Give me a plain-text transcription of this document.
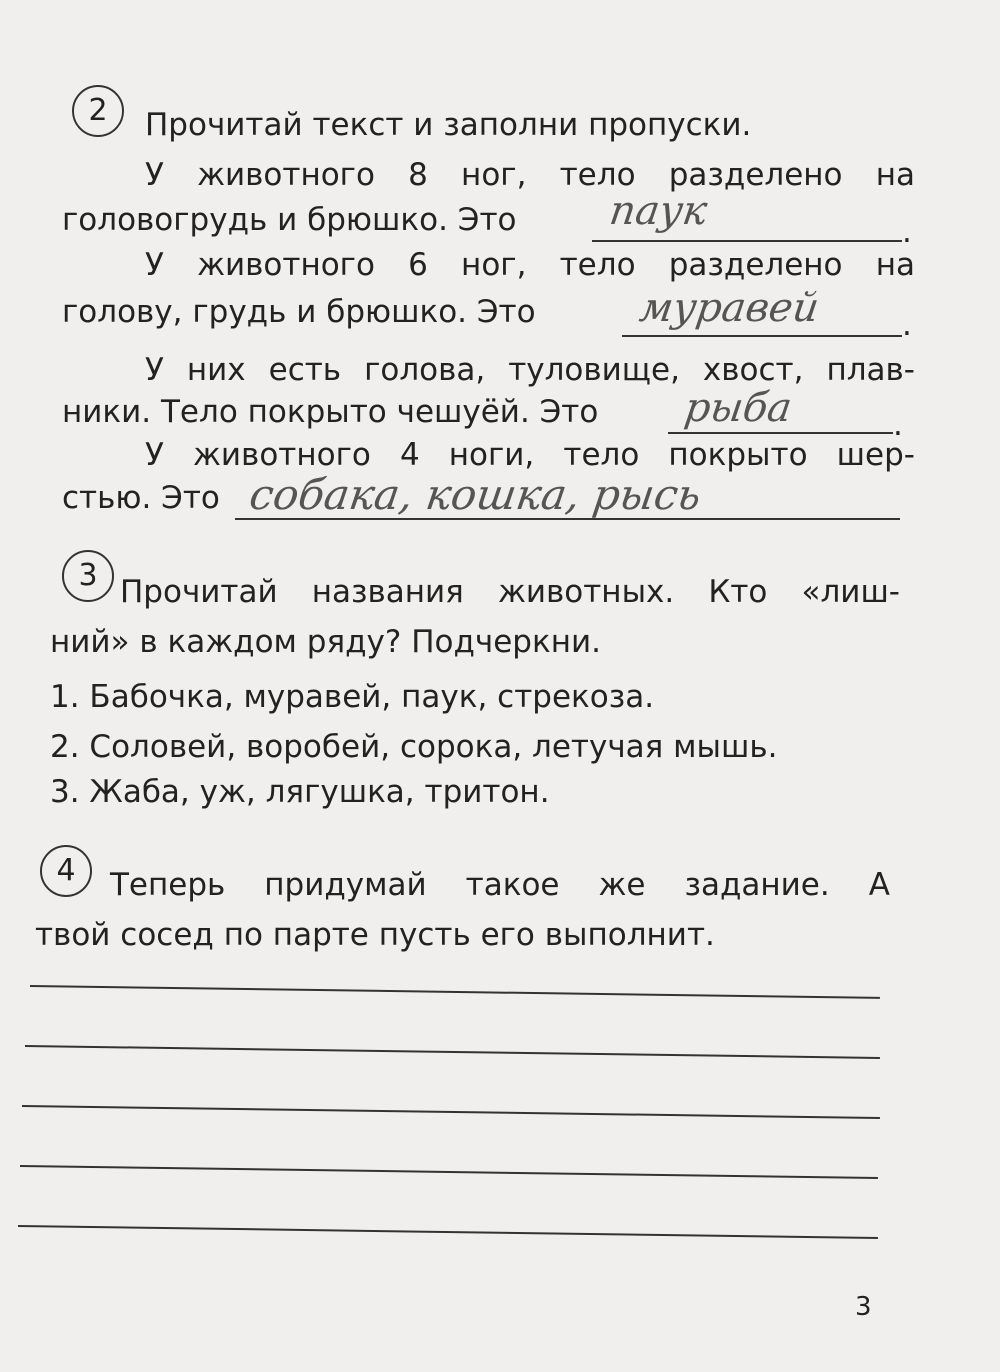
2	Прочитай текст и заполни пропуски.
У животного 8 ног, тело разделено на
головогрудь и брюшко. Это паук	.
У животного 6 ног, тело разделено на
голову, грудь и брюшко. Это	муравей	.
У них есть голова, туловище, хвост, плав-
ники. Тело покрыто чешуёй. Это рыба	.
У животного 4 ноги, тело покрыто шер-
стью. Это собака, кошка, рысь
3 Прочитай названия животных. Кто «лиш-
ний» в каждом ряду? Подчеркни.
1. Бабочка, муравей, паук, стрекоза.
2. Соловей, воробей, сорока, летучая мышь.
3. Жаба, уж, лягушка, тритон.
4	Теперь придумай такое же задание. А
твой сосед по парте пусть его выполнит.
3
